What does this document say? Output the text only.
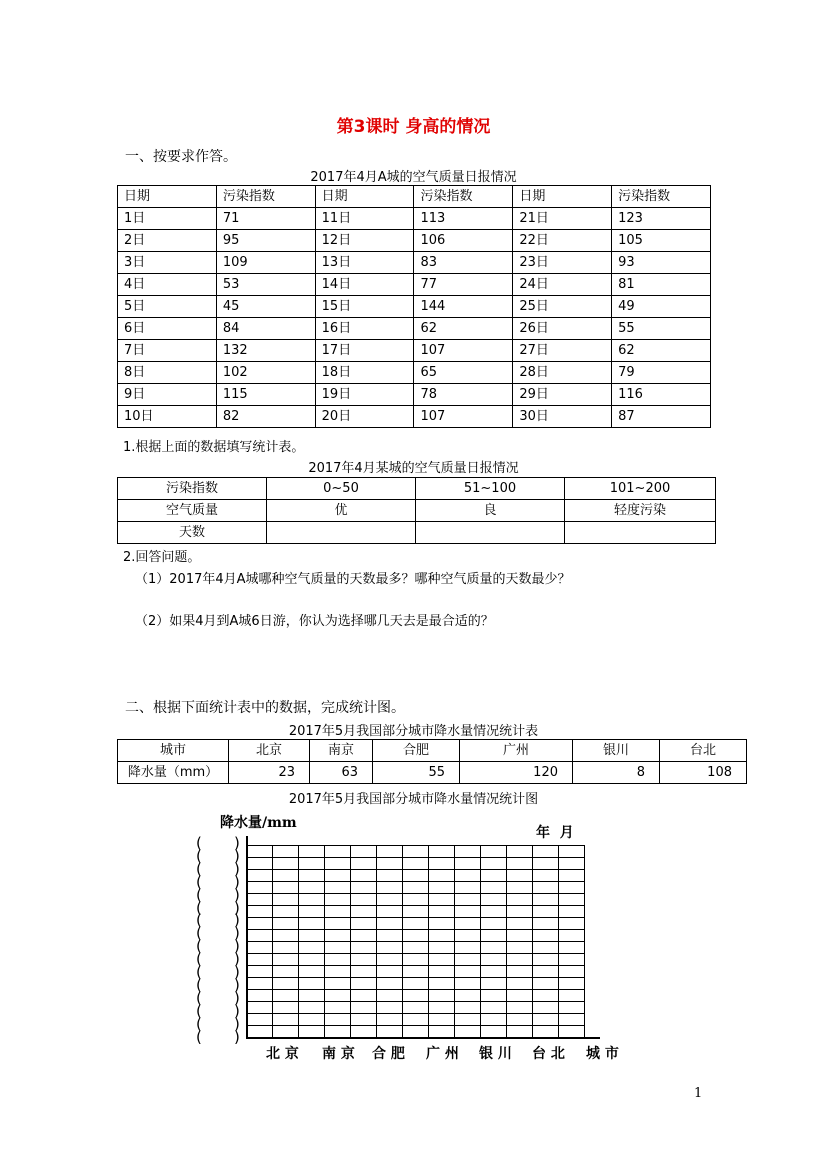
第3课时 身高的情况
一、按要求作答。
2017年4月A城的空气质量日报情况
日期	污染指数	日期	污染指数	日期	污染指数
1日	71	11日	113	21日	123
2日	95	12日	106	22日	105
3日	109	13日	83	23日	93
4日	53	14日	77	24日	81
5日	45	15日	144	25日	49
6日	84	16日	62	26日	55
7日	132	17日	107	27日	62
8日	102	18日	65	28日	79
9日	115	19日	78	29日	116
10日	82	20日	107	30日	87
1.根据上面的数据填写统计表。
2017年4月某城的空气质量日报情况
污染指数	0~50	51~100	101~200
空气质量	优	良	轻度污染
天数			
2.回答问题。
（1）2017年4月A城哪种空气质量的天数最多？哪种空气质量的天数最少？
（2）如果4月到A城6日游，你认为选择哪几天去是最合适的？
二、根据下面统计表中的数据，完成统计图。
2017年5月我国部分城市降水量情况统计表
城市	北京	南京	合肥	广州	银川	台北
降水量（mm）	23	63	55	120	8	108
2017年5月我国部分城市降水量情况统计图
降水量/mm
年  月
( )
( )
( )
( )
( )
( )
( )
( )
( )
( )
( )
( )
( )
( )
( )
( )
北 京 南 京 合 肥 广 州 银 川 台 北 城 市
1
